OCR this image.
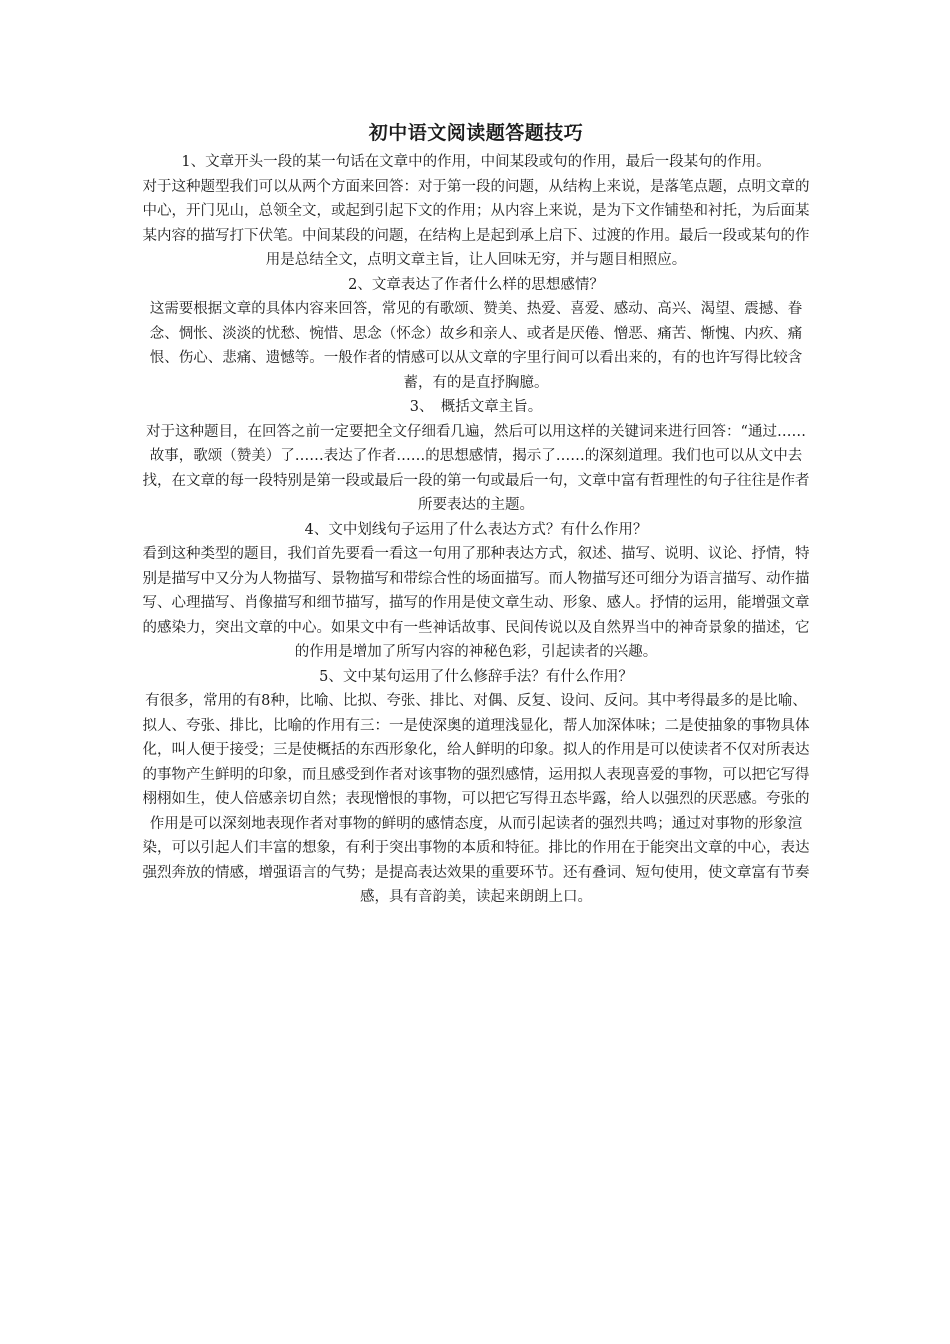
初中语文阅读题答题技巧

1、文章开头一段的某一句话在文章中的作用，中间某段或句的作用，最后一段某句的作用。

对于这种题型我们可以从两个方面来回答：对于第一段的问题，从结构上来说，是落笔点题，点明文章的中心，开门见山，总领全文，或起到引起下文的作用；从内容上来说，是为下文作铺垫和衬托，为后面某某内容的描写打下伏笔。中间某段的问题，在结构上是起到承上启下、过渡的作用。最后一段或某句的作用是总结全文，点明文章主旨，让人回味无穷，并与题目相照应。

2、文章表达了作者什么样的思想感情？

这需要根据文章的具体内容来回答，常见的有歌颂、赞美、热爱、喜爱、感动、高兴、渴望、震撼、眷念、惆怅、淡淡的忧愁、惋惜、思念（怀念）故乡和亲人、或者是厌倦、憎恶、痛苦、惭愧、内疚、痛恨、伤心、悲痛、遗憾等。一般作者的情感可以从文章的字里行间可以看出来的，有的也许写得比较含蓄，有的是直抒胸臆。

3、　概括文章主旨。

对于这种题目，在回答之前一定要把全文仔细看几遍，然后可以用这样的关键词来进行回答：“通过……　故事，歌颂（赞美）了……表达了作者……的思想感情，揭示了……的深刻道理。我们也可以从文中去找，在文章的每一段特别是第一段或最后一段的第一句或最后一句，文章中富有哲理性的句子往往是作者所要表达的主题。

4、文中划线句子运用了什么表达方式？有什么作用？

看到这种类型的题目，我们首先要看一看这一句用了那种表达方式，叙述、描写、说明、议论、抒情，特别是描写中又分为人物描写、景物描写和带综合性的场面描写。而人物描写还可细分为语言描写、动作描写、心理描写、肖像描写和细节描写，描写的作用是使文章生动、形象、感人。抒情的运用，能增强文章的感染力，突出文章的中心。如果文中有一些神话故事、民间传说以及自然界当中的神奇景象的描述，它的作用是增加了所写内容的神秘色彩，引起读者的兴趣。

5、文中某句运用了什么修辞手法？有什么作用？

有很多，常用的有8种，比喻、比拟、夸张、排比、对偶、反复、设问、反问。其中考得最多的是比喻、拟人、夸张、排比，比喻的作用有三：一是使深奥的道理浅显化，帮人加深体味；二是使抽象的事物具体化，叫人便于接受；三是使概括的东西形象化，给人鲜明的印象。拟人的作用是可以使读者不仅对所表达的事物产生鲜明的印象，而且感受到作者对该事物的强烈感情，运用拟人表现喜爱的事物，可以把它写得栩栩如生，使人倍感亲切自然；表现憎恨的事物，可以把它写得丑态毕露，给人以强烈的厌恶感。夸张的作用是可以深刻地表现作者对事物的鲜明的感情态度，从而引起读者的强烈共鸣；通过对事物的形象渲染，可以引起人们丰富的想象，有利于突出事物的本质和特征。排比的作用在于能突出文章的中心，表达强烈奔放的情感，增强语言的气势；是提高表达效果的重要环节。还有叠词、短句使用，使文章富有节奏感，具有音韵美，读起来朗朗上口。
